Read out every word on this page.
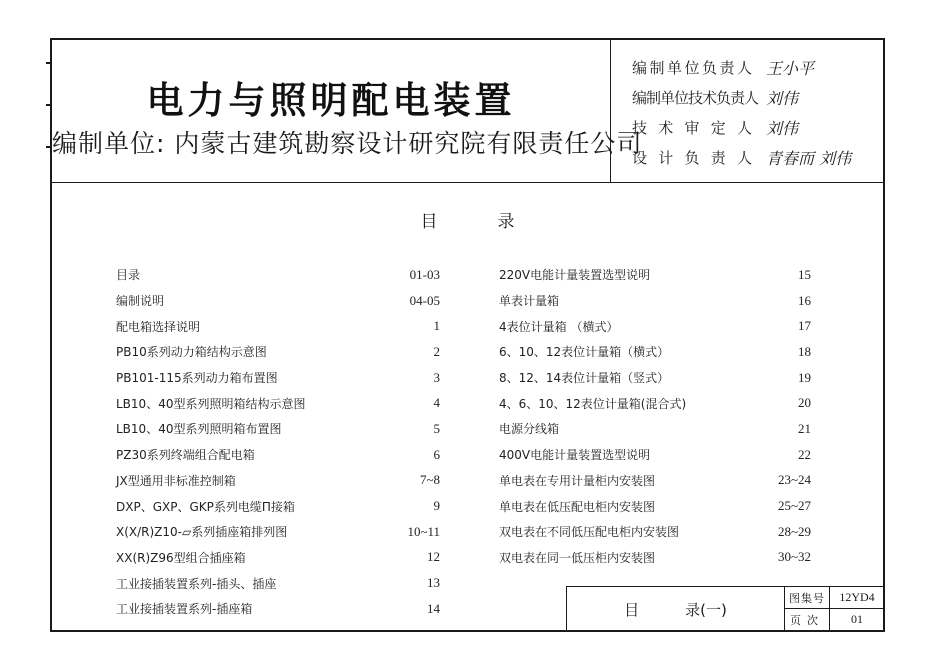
电力与照明配电装置
编制单位: 内蒙古建筑勘察设计研究院有限责任公司
编制单位负责人 王小平
编制单位技术负责人 刘伟
技 术 审 定 人 刘伟
设 计 负 责 人 青春而 刘伟
目	录
目录	01-03
编制说明	04-05
配电箱选择说明	1
PB10系列动力箱结构示意图	2
PB101-115系列动力箱布置图	3
LB10、40型系列照明箱结构示意图	4
LB10、40型系列照明箱布置图	5
PZ30系列终端组合配电箱	6
JX型通用非标准控制箱	7~8
DXP、GXP、GKP系列电缆Π接箱	9
X(X/R)Z10-▱系列插座箱排列图	10~11
XX(R)Z96型组合插座箱	12
工业接插装置系列-插头、插座	13
工业接插装置系列-插座箱	14
220V电能计量装置选型说明	15
单表计量箱	16
4表位计量箱 （横式）	17
6、10、12表位计量箱（横式）	18
8、12、14表位计量箱（竖式）	19
4、6、10、12表位计量箱(混合式)	20
电源分线箱	21
400V电能计量装置选型说明	22
单电表在专用计量柜内安装图	23~24
单电表在低压配电柜内安装图	25~27
双电表在不同低压配电柜内安装图	28~29
双电表在同一低压柜内安装图	30~32
目	录(一)
图集号	12YD4
页次	01
